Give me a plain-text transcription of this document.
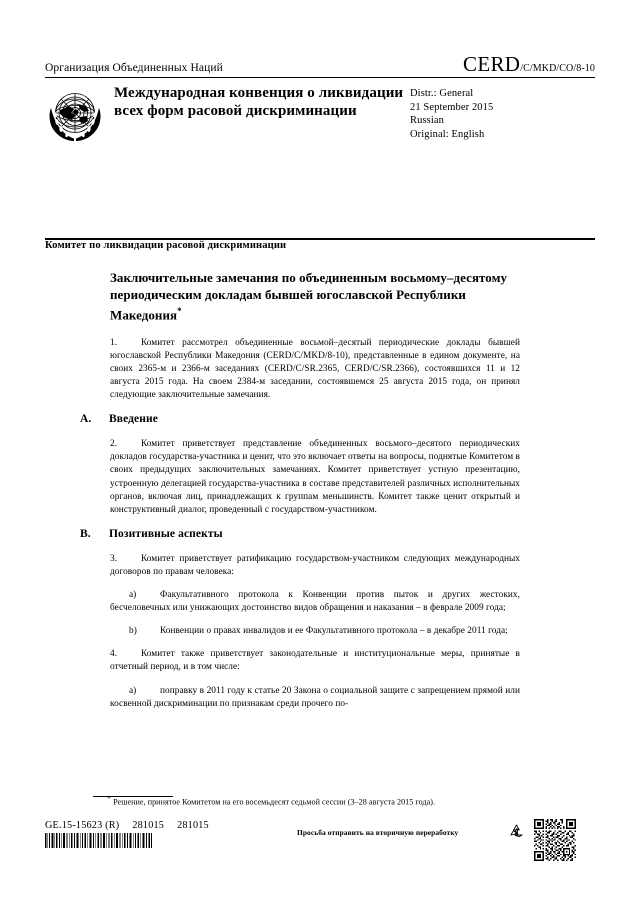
Организация Объединенных Наций	CERD /C/MKD/CO/8-10
Международная конвенция о ликвидации всех форм расовой дискриминации
Distr.: General
21 September 2015
Russian
Original: English
Комитет по ликвидации расовой дискриминации
Заключительные замечания по объединенным восьмому–десятому периодическим докладам бывшей югославской Республики Македония*

1.	Комитет рассмотрел объединенные восьмой–десятый периодические доклады бывшей югославской Республики Македония (CERD/C/MKD/8-10), представленные в едином документе, на своих 2365-м и 2366-м заседаниях (CERD/C/SR.2365, CERD/C/SR.2366), состоявшихся 11 и 12 августа 2015 года. На своем 2384-м заседании, состоявшемся 25 августа 2015 года, он принял следующие заключительные замечания.

A.	Введение

2.	Комитет приветствует представление объединенных восьмого–десятого периодических докладов государства-участника и ценит, что это включает ответы на вопросы, поднятые Комитетом в своих предыдущих заключительных замечаниях. Комитет приветствует устную презентацию, устроенную делегацией государства-участника в составе представителей различных исполнительных органов, включая лиц, принадлежащих к группам меньшинств. Комитет также ценит открытый и конструктивный диалог, проведенный с государством-участником.

B.	Позитивные аспекты

3.	Комитет приветствует ратификацию государством-участником следующих международных договоров по правам человека:

a)	Факультативного протокола к Конвенции против пыток и других жестоких, бесчеловечных или унижающих достоинство видов обращения и наказания – в феврале 2009 года;

b) Конвенции о правах инвалидов и ее Факультативного протокола – в декабре 2011 года;

4.	Комитет также приветствует законодательные и институциональные меры, принятые в отчетный период, и в том числе:

a)	поправку в 2011 году к статье 20 Закона о социальной защите с запрещением прямой или косвенной дискриминации по признакам среди прочего по-

* Решение, принятое Комитетом на его восемьдесят седьмой сессии (3–28 августа 2015 года).
GE.15-15623 (R) 281015 281015
Просьба отправить на вторичную переработку
